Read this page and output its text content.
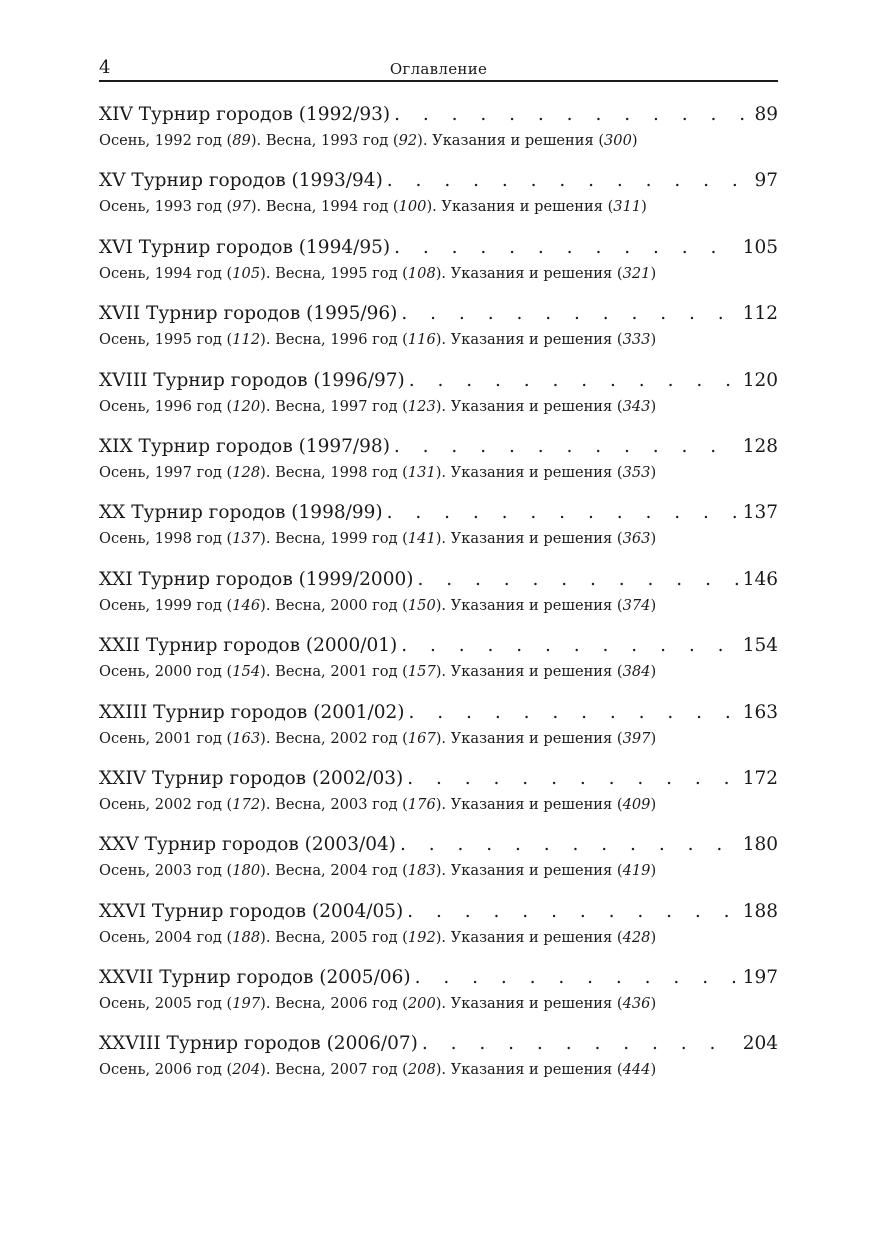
4	Оглавление
XIV Турнир городов (1992/93) . . .	89
Осень, 1992 год (89). Весна, 1993 год (92). Указания и решения (300)
XV Турнир городов (1993/94) . . .	97
Осень, 1993 год (97). Весна, 1994 год (100). Указания и решения (311)
XVI Турнир городов (1994/95) . . .	105
Осень, 1994 год (105). Весна, 1995 год (108). Указания и решения (321)
XVII Турнир городов (1995/96) . . .	112
Осень, 1995 год (112). Весна, 1996 год (116). Указания и решения (333)
XVIII Турнир городов (1996/97) . . .	120
Осень, 1996 год (120). Весна, 1997 год (123). Указания и решения (343)
XIX Турнир городов (1997/98) . . .	128
Осень, 1997 год (128). Весна, 1998 год (131). Указания и решения (353)
XX Турнир городов (1998/99) . . .	137
Осень, 1998 год (137). Весна, 1999 год (141). Указания и решения (363)
XXI Турнир городов (1999/2000) . . .	146
Осень, 1999 год (146). Весна, 2000 год (150). Указания и решения (374)
XXII Турнир городов (2000/01) . . .	154
Осень, 2000 год (154). Весна, 2001 год (157). Указания и решения (384)
XXIII Турнир городов (2001/02) . . .	163
Осень, 2001 год (163). Весна, 2002 год (167). Указания и решения (397)
XXIV Турнир городов (2002/03) . . .	172
Осень, 2002 год (172). Весна, 2003 год (176). Указания и решения (409)
XXV Турнир городов (2003/04) . . .	180
Осень, 2003 год (180). Весна, 2004 год (183). Указания и решения (419)
XXVI Турнир городов (2004/05) . . .	188
Осень, 2004 год (188). Весна, 2005 год (192). Указания и решения (428)
XXVII Турнир городов (2005/06) . . .	197
Осень, 2005 год (197). Весна, 2006 год (200). Указания и решения (436)
XXVIII Турнир городов (2006/07) . . .	204
Осень, 2006 год (204). Весна, 2007 год (208). Указания и решения (444)
